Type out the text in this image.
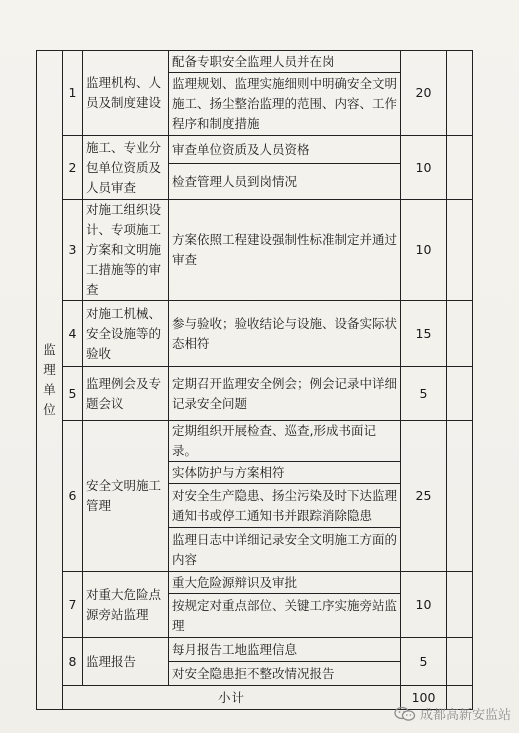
监
理
单
位	1	监理机构、人员及制度建设	配备专职安全监理人员并在岗	20	
			监理规划、监理实施细则中明确安全文明施工、扬尘整治监理的范围、内容、工作程序和制度措施		
	2	施工、专业分包单位资质及人员审查	审查单位资质及人员资格	10	
			检查管理人员到岗情况		
	3	对施工组织设计、专项施工方案和文明施工措施等的审查	方案依照工程建设强制性标准制定并通过审查	10	
	4	对施工机械、安全设施等的验收	参与验收；验收结论与设施、设备实际状态相符	15	
	5	监理例会及专题会议	定期召开监理安全例会；例会记录中详细记录安全问题	5	
	6	安全文明施工管理	定期组织开展检查、巡查,形成书面记录。	25	
			实体防护与方案相符		
			对安全生产隐患、扬尘污染及时下达监理通知书或停工通知书并跟踪消除隐患		
			监理日志中详细记录安全文明施工方面的内容		
	7	对重大危险点源旁站监理	重大危险源辩识及审批	10	
			按规定对重点部位、关键工序实施旁站监理		
	8	监理报告	每月报告工地监理信息	5	
			对安全隐患拒不整改情况报告		
	小计			100	
成都高新安监站
